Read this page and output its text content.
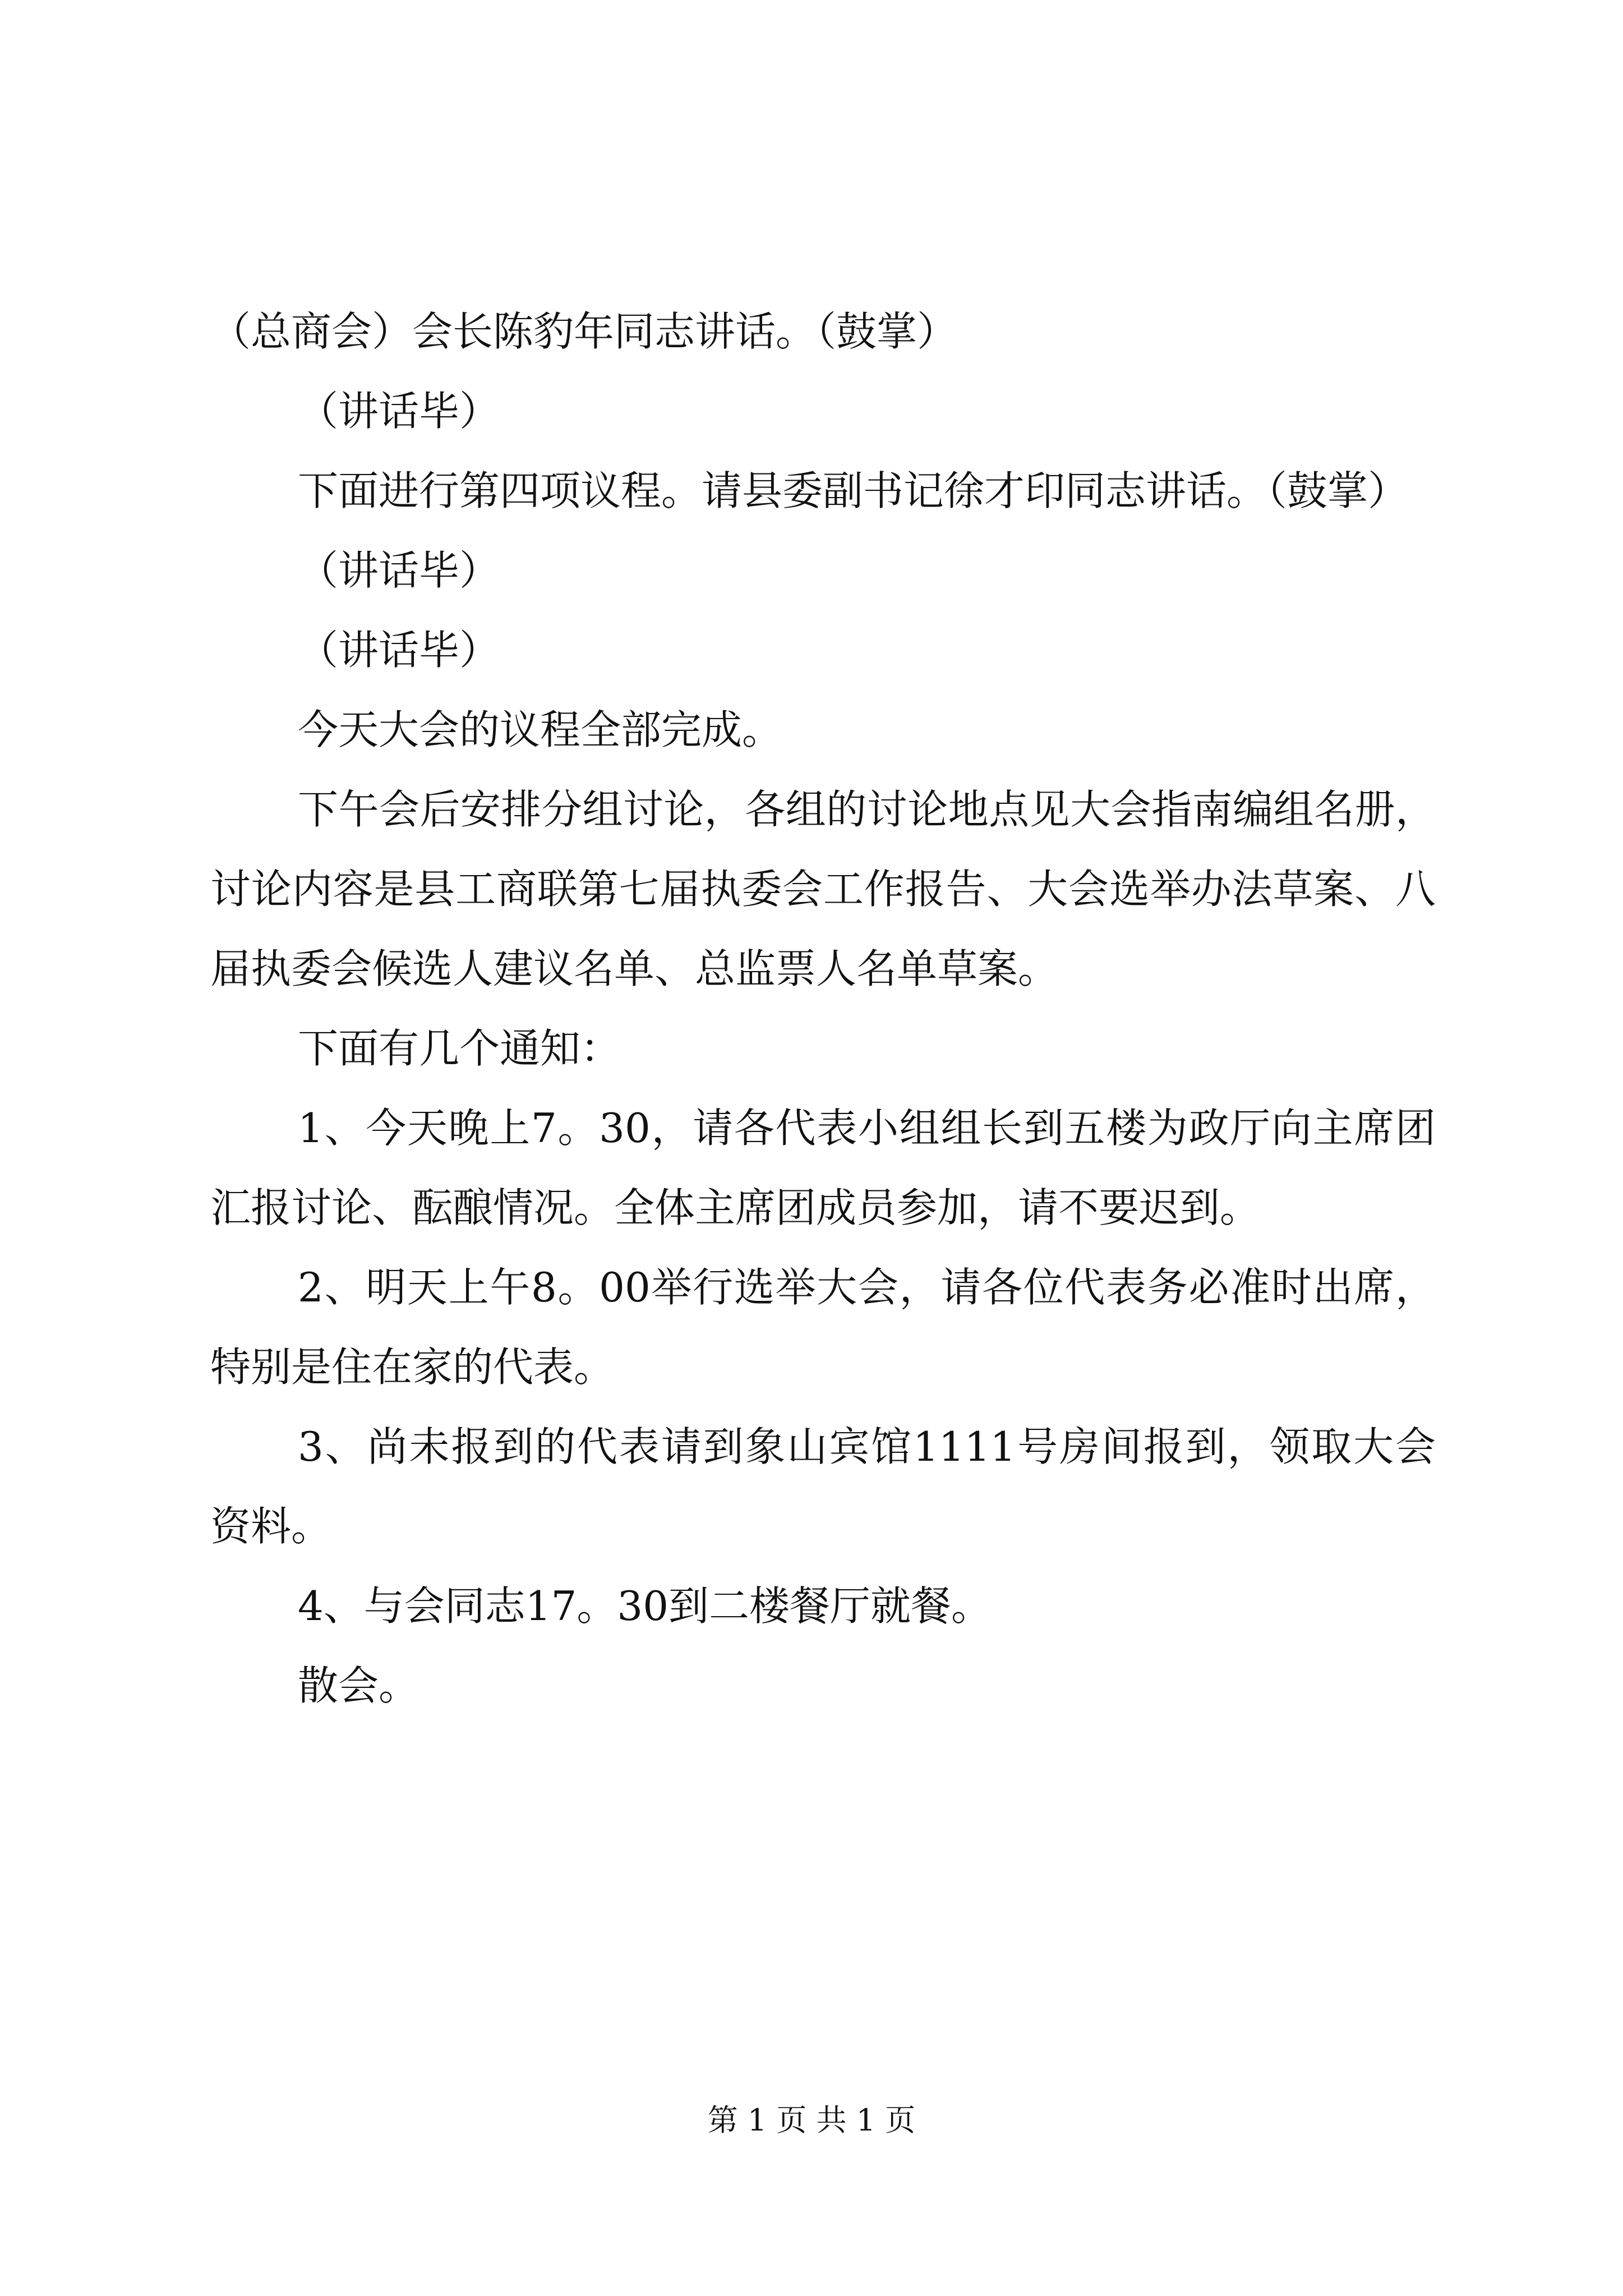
（总商会）会长陈豹年同志讲话。（鼓掌）

（讲话毕）

下面进行第四项议程。请县委副书记徐才印同志讲话。（鼓掌）

（讲话毕）

（讲话毕）

今天大会的议程全部完成。

下午会后安排分组讨论，各组的讨论地点见大会指南编组名册，讨论内容是县工商联第七届执委会工作报告、大会选举办法草案、八届执委会候选人建议名单、总监票人名单草案。

下面有几个通知：

1、今天晚上7。30，请各代表小组组长到五楼为政厅向主席团汇报讨论、酝酿情况。全体主席团成员参加，请不要迟到。

2、明天上午8。00举行选举大会，请各位代表务必准时出席，特别是住在家的代表。

3、尚未报到的代表请到象山宾馆1111号房间报到，领取大会资料。

4、与会同志17。30到二楼餐厅就餐。

散会。

第 1 页 共 1 页
